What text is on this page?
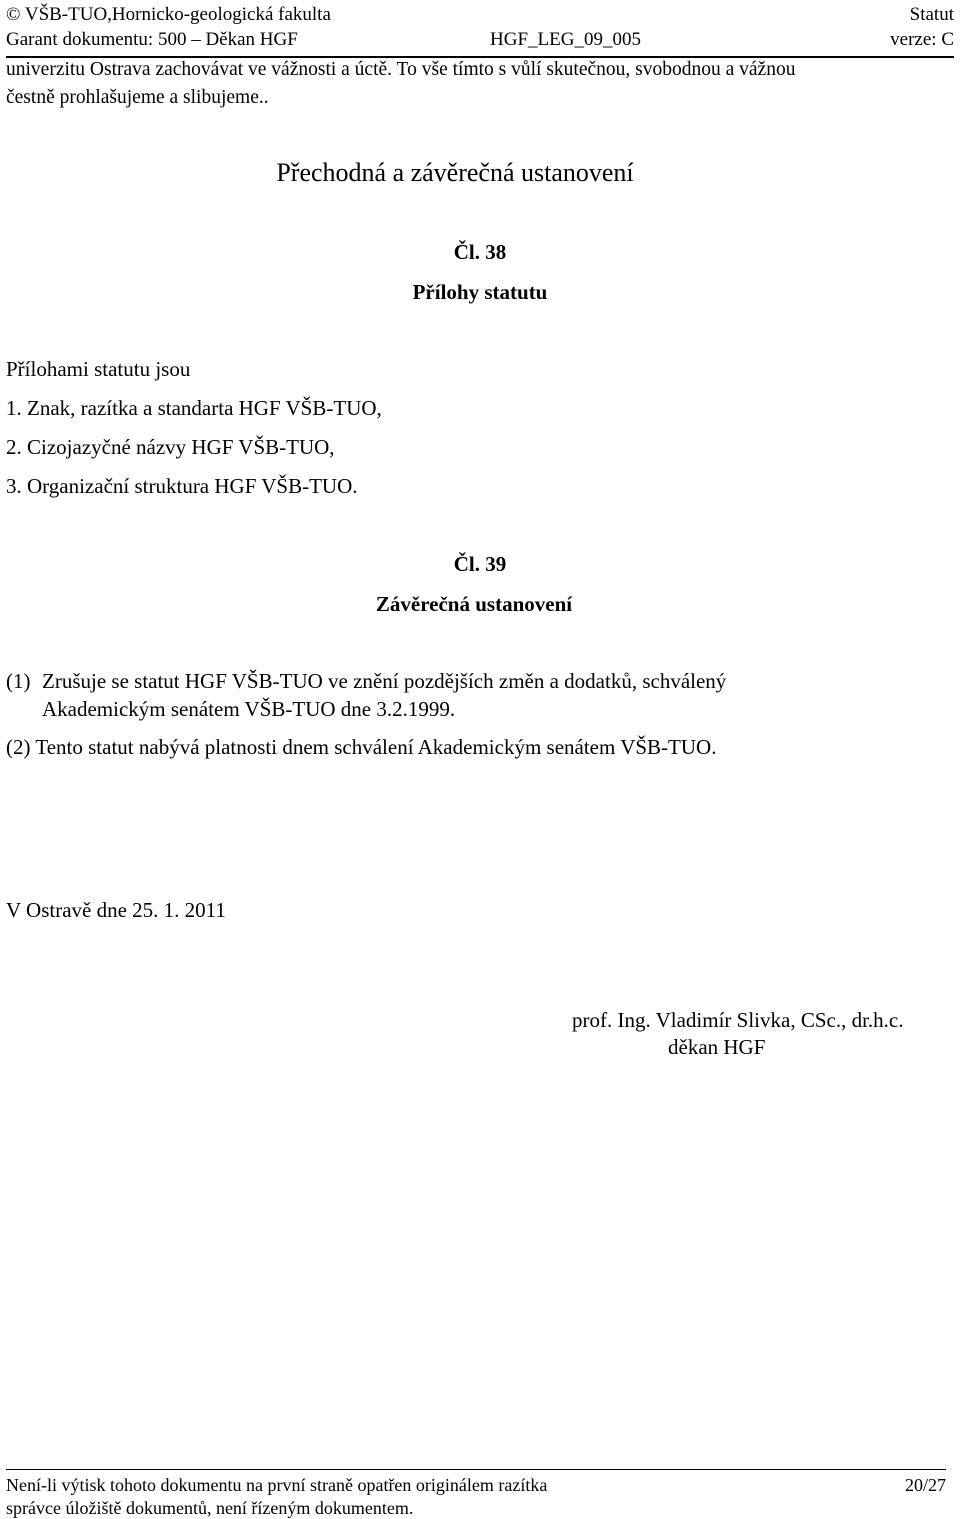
© VŠB-TUO,Hornicko-geologická fakulta	Statut
Garant dokumentu: 500 – Děkan HGF	HGF_LEG_09_005	verze: C
univerzitu Ostrava zachovávat ve vážnosti a úctě. To vše tímto s vůlí skutečnou, svobodnou a vážnou
čestně prohlašujeme a slibujeme..
Přechodná a závěrečná ustanovení
Čl. 38
Přílohy statutu
Přílohami statutu jsou
1. Znak, razítka a standarta HGF VŠB-TUO,
2. Cizojazyčné názvy HGF VŠB-TUO,
3. Organizační struktura HGF VŠB-TUO.
Čl. 39
Závěrečná ustanovení
(1) Zrušuje se statut HGF VŠB-TUO ve znění pozdějších změn a dodatků, schválený
Akademickým senátem VŠB-TUO dne 3.2.1999.
(2) Tento statut nabývá platnosti dnem schválení Akademickým senátem VŠB-TUO.
V Ostravě dne 25. 1. 2011
prof. Ing. Vladimír Slivka, CSc., dr.h.c.
děkan HGF
Není-li výtisk tohoto dokumentu na první straně opatřen originálem razítka
správce úložiště dokumentů, není řízeným dokumentem.
20/27
